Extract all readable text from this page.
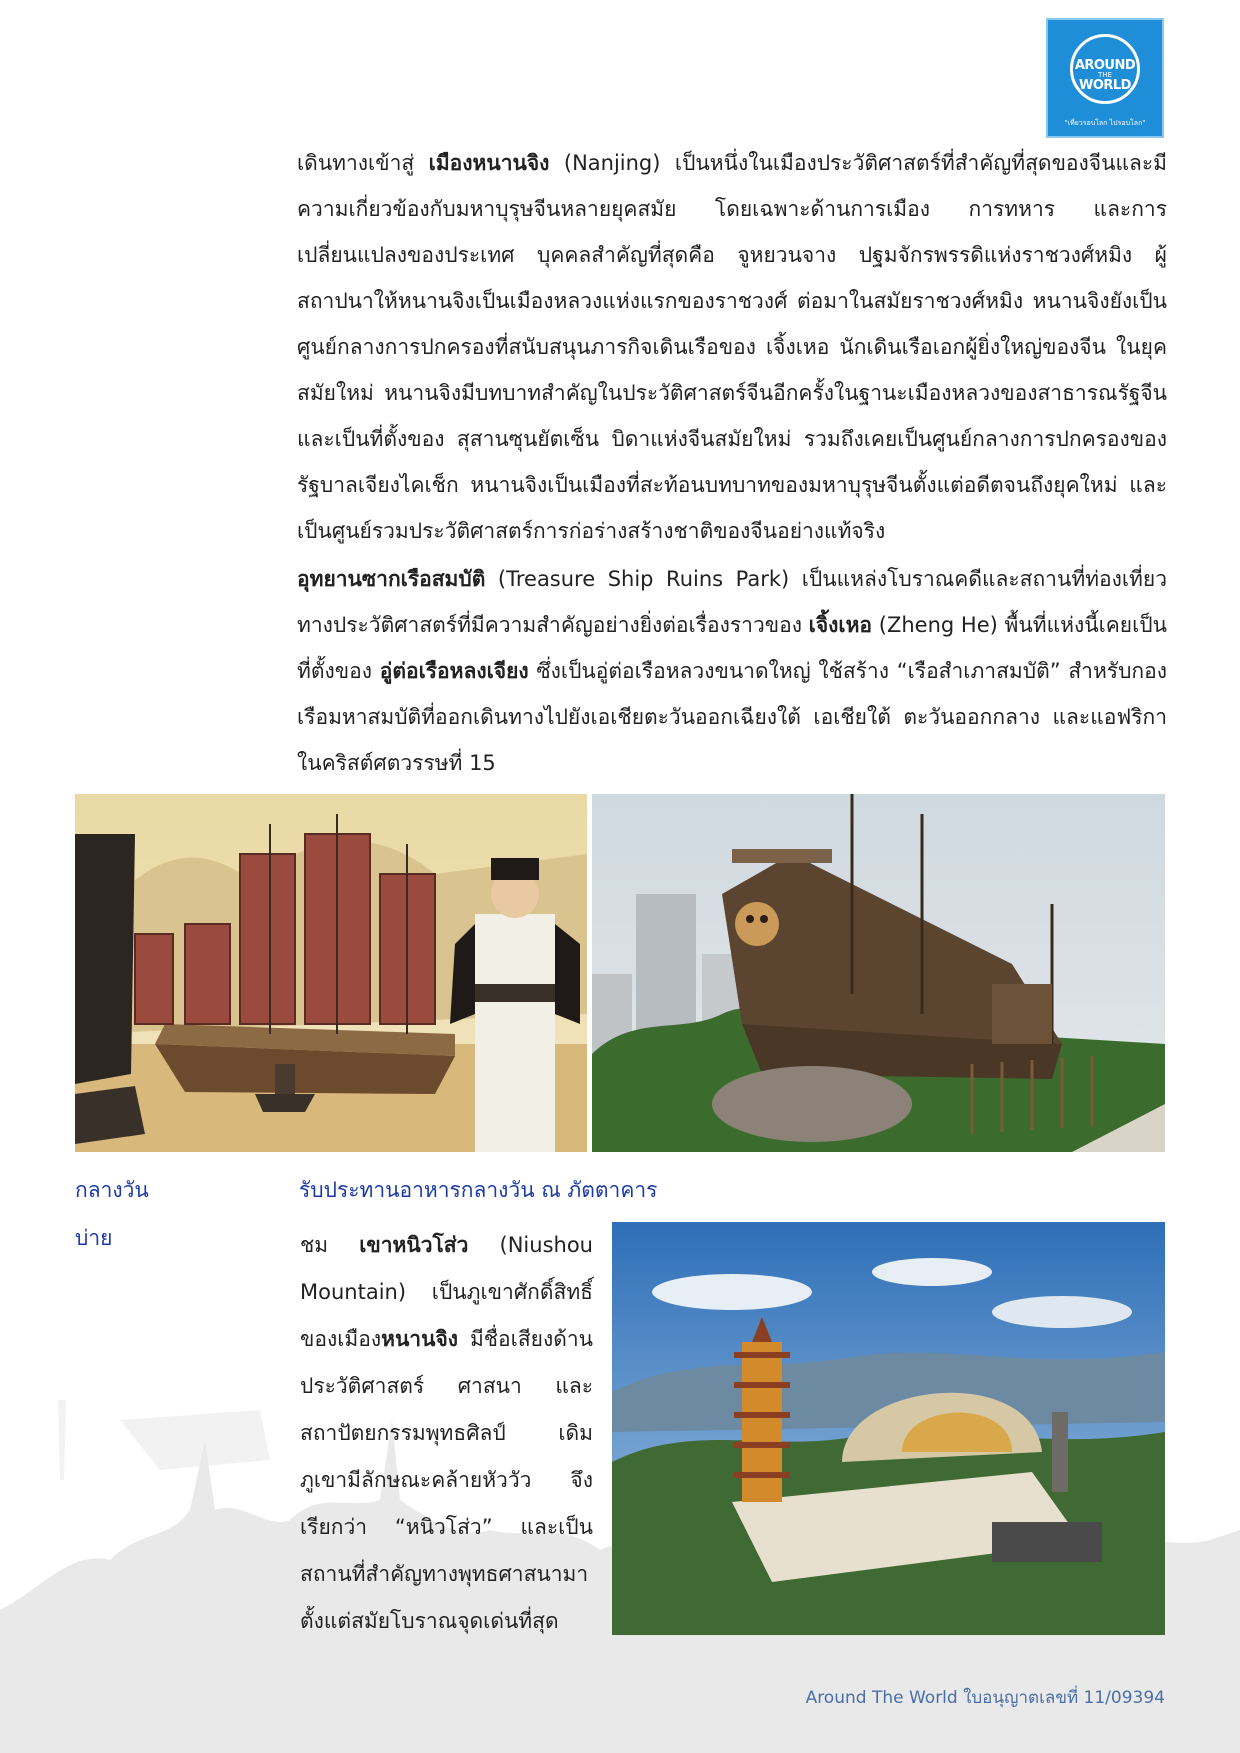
AROUND
THE
WORLD
"เที่ยวรอบโลก ไปรอบโลก"

เดินทางเข้าสู่ เมืองหนานจิง (Nanjing) เป็นหนึ่งในเมืองประวัติศาสตร์ที่สำคัญที่สุดของจีนและมีความเกี่ยวข้องกับมหาบุรุษจีนหลายยุคสมัย โดยเฉพาะด้านการเมือง การทหาร และการเปลี่ยนแปลงของประเทศ บุคคลสำคัญที่สุดคือ จูหยวนจาง ปฐมจักรพรรดิแห่งราชวงศ์หมิง ผู้สถาปนาให้หนานจิงเป็นเมืองหลวงแห่งแรกของราชวงศ์ ต่อมาในสมัยราชวงศ์หมิง หนานจิงยังเป็นศูนย์กลางการปกครองที่สนับสนุนภารกิจเดินเรือของ เจิ้งเหอ นักเดินเรือเอกผู้ยิ่งใหญ่ของจีน ในยุคสมัยใหม่ หนานจิงมีบทบาทสำคัญในประวัติศาสตร์จีนอีกครั้งในฐานะเมืองหลวงของสาธารณรัฐจีน และเป็นที่ตั้งของ สุสานซุนยัตเซ็น บิดาแห่งจีนสมัยใหม่ รวมถึงเคยเป็นศูนย์กลางการปกครองของรัฐบาลเจียงไคเช็ก หนานจิงเป็นเมืองที่สะท้อนบทบาทของมหาบุรุษจีนตั้งแต่อดีตจนถึงยุคใหม่ และเป็นศูนย์รวมประวัติศาสตร์การก่อร่างสร้างชาติของจีนอย่างแท้จริง

อุทยานซากเรือสมบัติ (Treasure Ship Ruins Park) เป็นแหล่งโบราณคดีและสถานที่ท่องเที่ยวทางประวัติศาสตร์ที่มีความสำคัญอย่างยิ่งต่อเรื่องราวของ เจิ้งเหอ (Zheng He) พื้นที่แห่งนี้เคยเป็นที่ตั้งของ อู่ต่อเรือหลงเจียง ซึ่งเป็นอู่ต่อเรือหลวงขนาดใหญ่ ใช้สร้าง “เรือสำเภาสมบัติ” สำหรับกองเรือมหาสมบัติที่ออกเดินทางไปยังเอเชียตะวันออกเฉียงใต้ เอเชียใต้ ตะวันออกกลาง และแอฟริกา ในคริสต์ศตวรรษที่ 15

กลางวัน	รับประทานอาหารกลางวัน ณ ภัตตาคาร
บ่าย	ชม เขาหนิวโส่ว (Niushou Mountain) เป็นภูเขาศักดิ์สิทธิ์ของเมืองหนานจิง มีชื่อเสียงด้านประวัติศาสตร์ ศาสนา และสถาปัตยกรรมพุทธศิลป์ เดิมภูเขามีลักษณะคล้ายหัววัว จึงเรียกว่า “หนิวโส่ว” และเป็นสถานที่สำคัญทางพุทธศาสนามาตั้งแต่สมัยโบราณจุดเด่นที่สุด

Around The World ใบอนุญาตเลขที่ 11/09394
